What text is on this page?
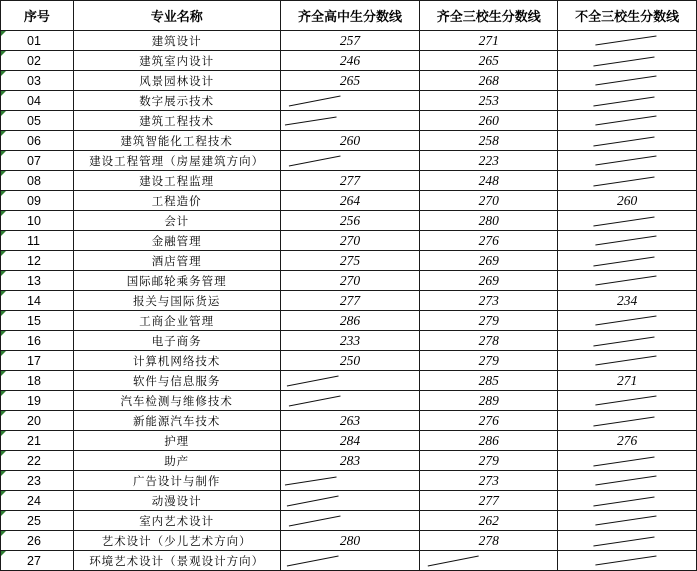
序号	专业名称	齐全高中生分数线	齐全三校生分数线	不全三校生分数线
01	建筑设计	257	271	

02	建筑室内设计	246	265	

03	风景园林设计	265	268	

04	数字展示技术		253	

05	建筑工程技术		260	

06	建筑智能化工程技术	260	258	

07	建设工程管理（房屋建筑方向）		223	

08	建设工程监理	277	248	

09	工程造价	264	270	260
10	会计	256	280	

11	金融管理	270	276	

12	酒店管理	275	269	

13	国际邮轮乘务管理	270	269	

14	报关与国际货运	277	273	234
15	工商企业管理	286	279	

16	电子商务	233	278	

17	计算机网络技术	250	279	

18	软件与信息服务		285	271
19	汽车检测与维修技术		289	

20	新能源汽车技术	263	276	

21	护理	284	286	276
22	助产	283	279	

23	广告设计与制作		273	

24	动漫设计		277	

25	室内艺术设计		262	

26	艺术设计（少儿艺术方向）	280	278	

27	环境艺术设计（景观设计方向）	
